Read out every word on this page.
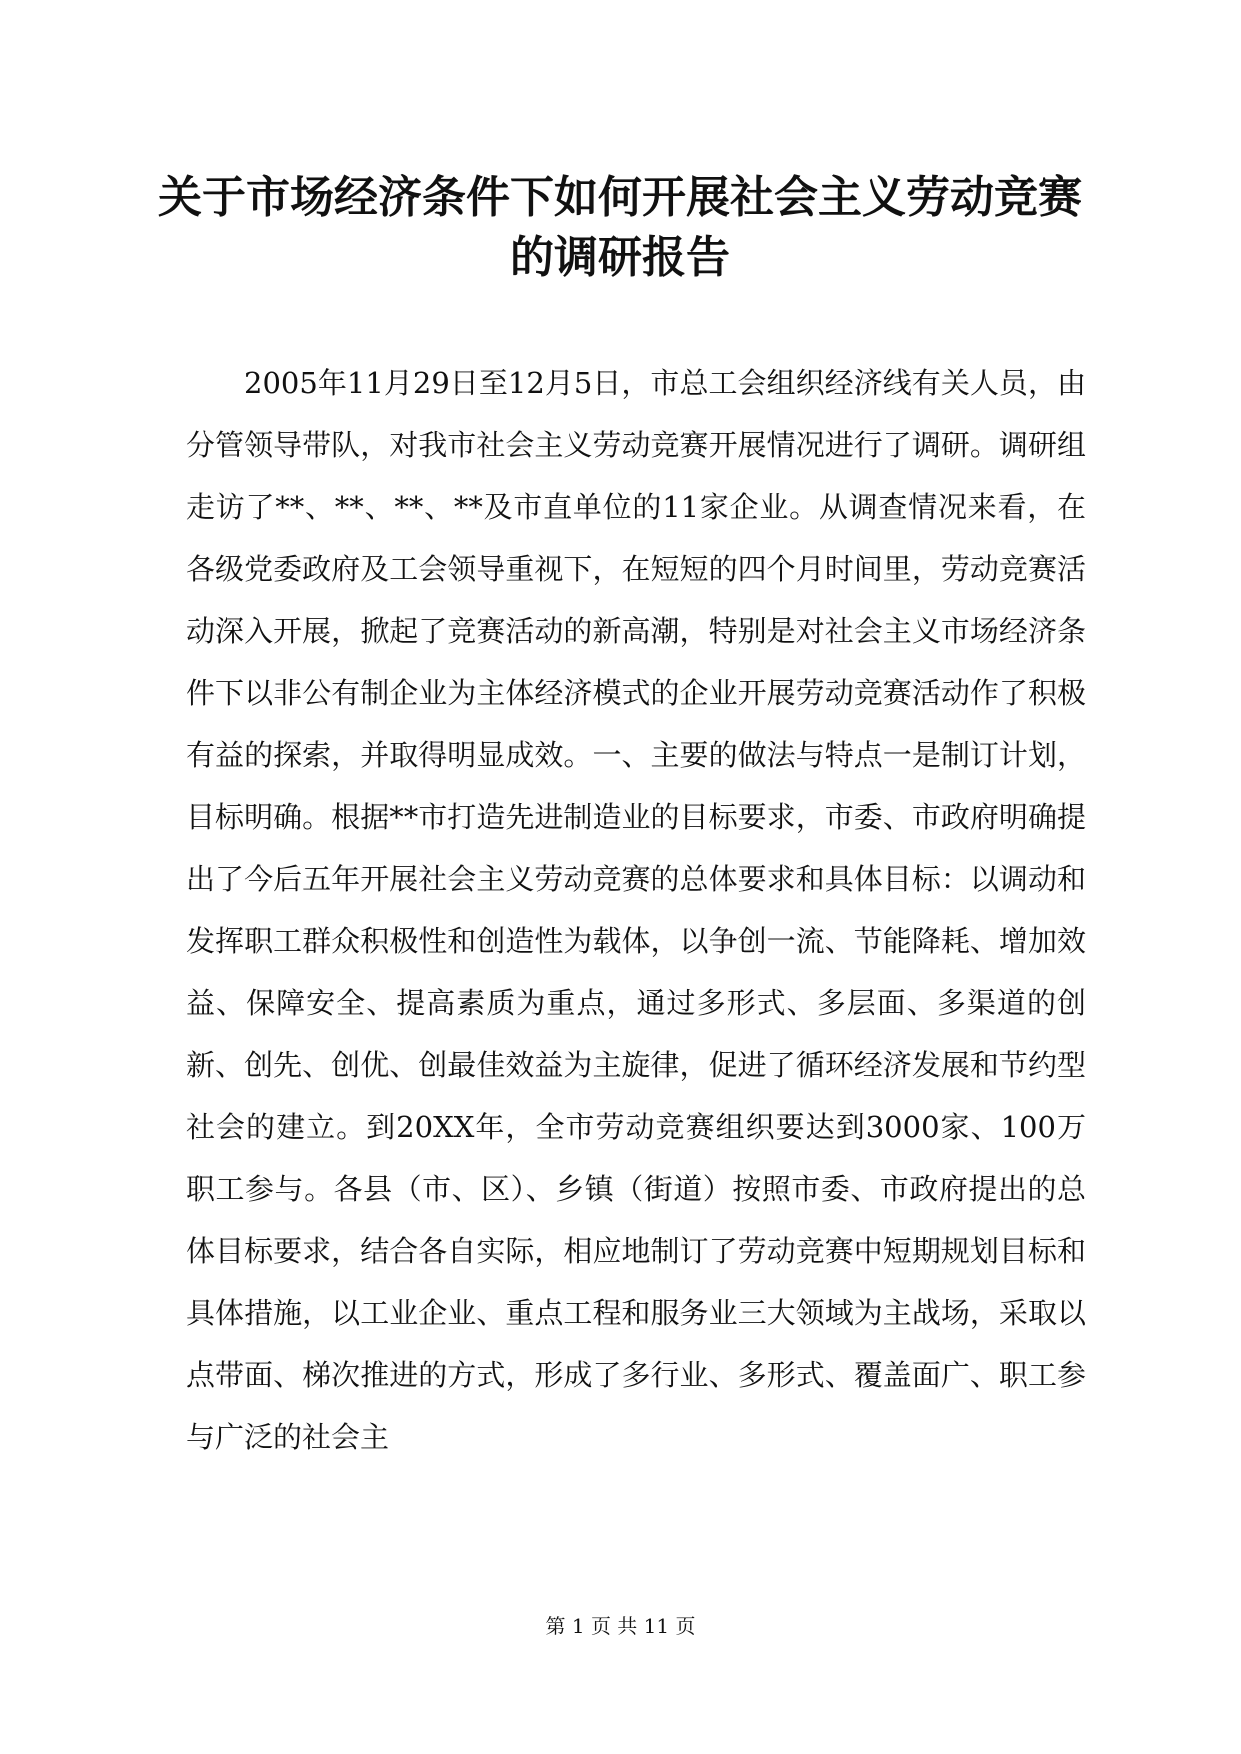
关于市场经济条件下如何开展社会主义劳动竞赛的调研报告

2005年11月29日至12月5日，市总工会组织经济线有关人员，由分管领导带队，对我市社会主义劳动竞赛开展情况进行了调研。调研组走访了**、**、**、**及市直单位的11家企业。从调查情况来看，在各级党委政府及工会领导重视下，在短短的四个月时间里，劳动竞赛活动深入开展，掀起了竞赛活动的新高潮，特别是对社会主义市场经济条件下以非公有制企业为主体经济模式的企业开展劳动竞赛活动作了积极有益的探索，并取得明显成效。一、主要的做法与特点一是制订计划，目标明确。根据**市打造先进制造业的目标要求，市委、市政府明确提出了今后五年开展社会主义劳动竞赛的总体要求和具体目标：以调动和发挥职工群众积极性和创造性为载体，以争创一流、节能降耗、增加效益、保障安全、提高素质为重点，通过多形式、多层面、多渠道的创新、创先、创优、创最佳效益为主旋律，促进了循环经济发展和节约型社会的建立。到20XX年，全市劳动竞赛组织要达到3000家、100万职工参与。各县（市、区）、乡镇（街道）按照市委、市政府提出的总体目标要求，结合各自实际，相应地制订了劳动竞赛中短期规划目标和具体措施，以工业企业、重点工程和服务业三大领域为主战场，采取以点带面、梯次推进的方式，形成了多行业、多形式、覆盖面广、职工参与广泛的社会主

第 1 页 共 11 页
